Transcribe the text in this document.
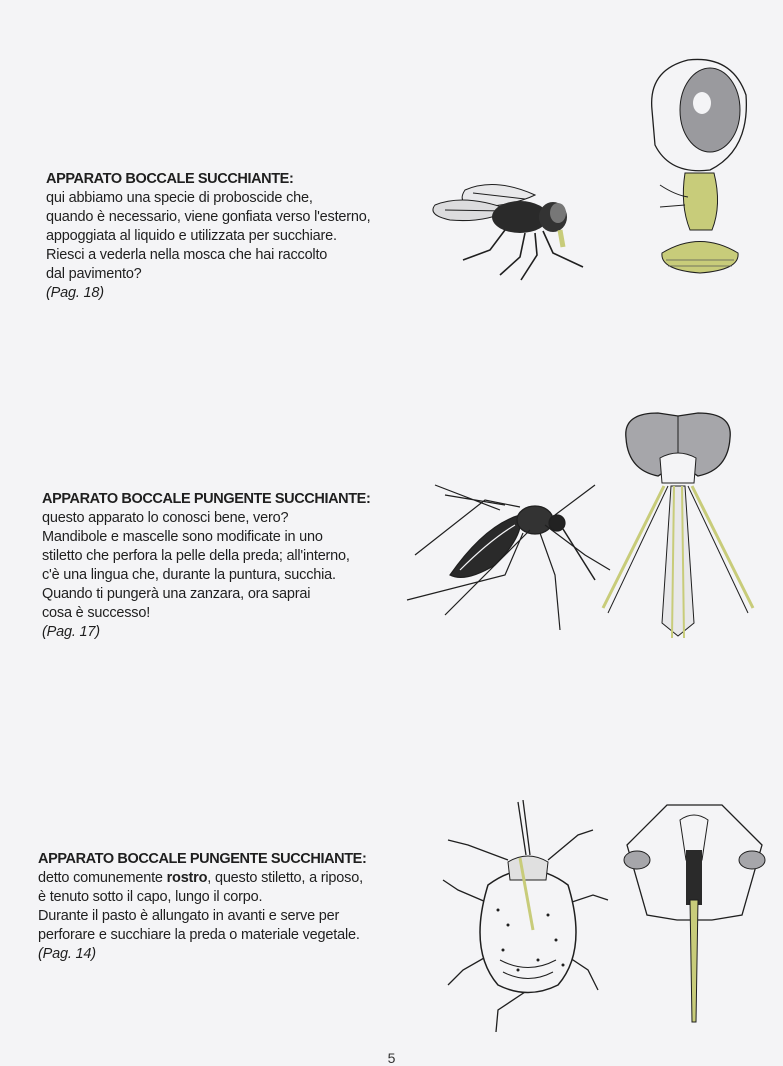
APPARATO BOCCALE SUCCHIANTE:
qui abbiamo una specie di proboscide che,
quando è necessario, viene gonfiata verso l'esterno,
appoggiata al liquido e utilizzata per succhiare.
Riesci a vederla nella mosca che hai raccolto
dal pavimento?
(Pag. 18)
APPARATO BOCCALE PUNGENTE SUCCHIANTE:
questo apparato lo conosci bene, vero?
Mandibole e mascelle sono modificate in uno
stiletto che perfora la pelle della preda; all'interno,
c'è una lingua che, durante la puntura, succhia.
Quando ti pungerà una zanzara, ora saprai
cosa è successo!
(Pag. 17)
APPARATO BOCCALE PUNGENTE SUCCHIANTE:
detto comunemente rostro, questo stiletto, a riposo,
è tenuto sotto il capo, lungo il corpo.
Durante il pasto è allungato in avanti e serve per
perforare e succhiare la preda o materiale vegetale.
(Pag. 14)
5
